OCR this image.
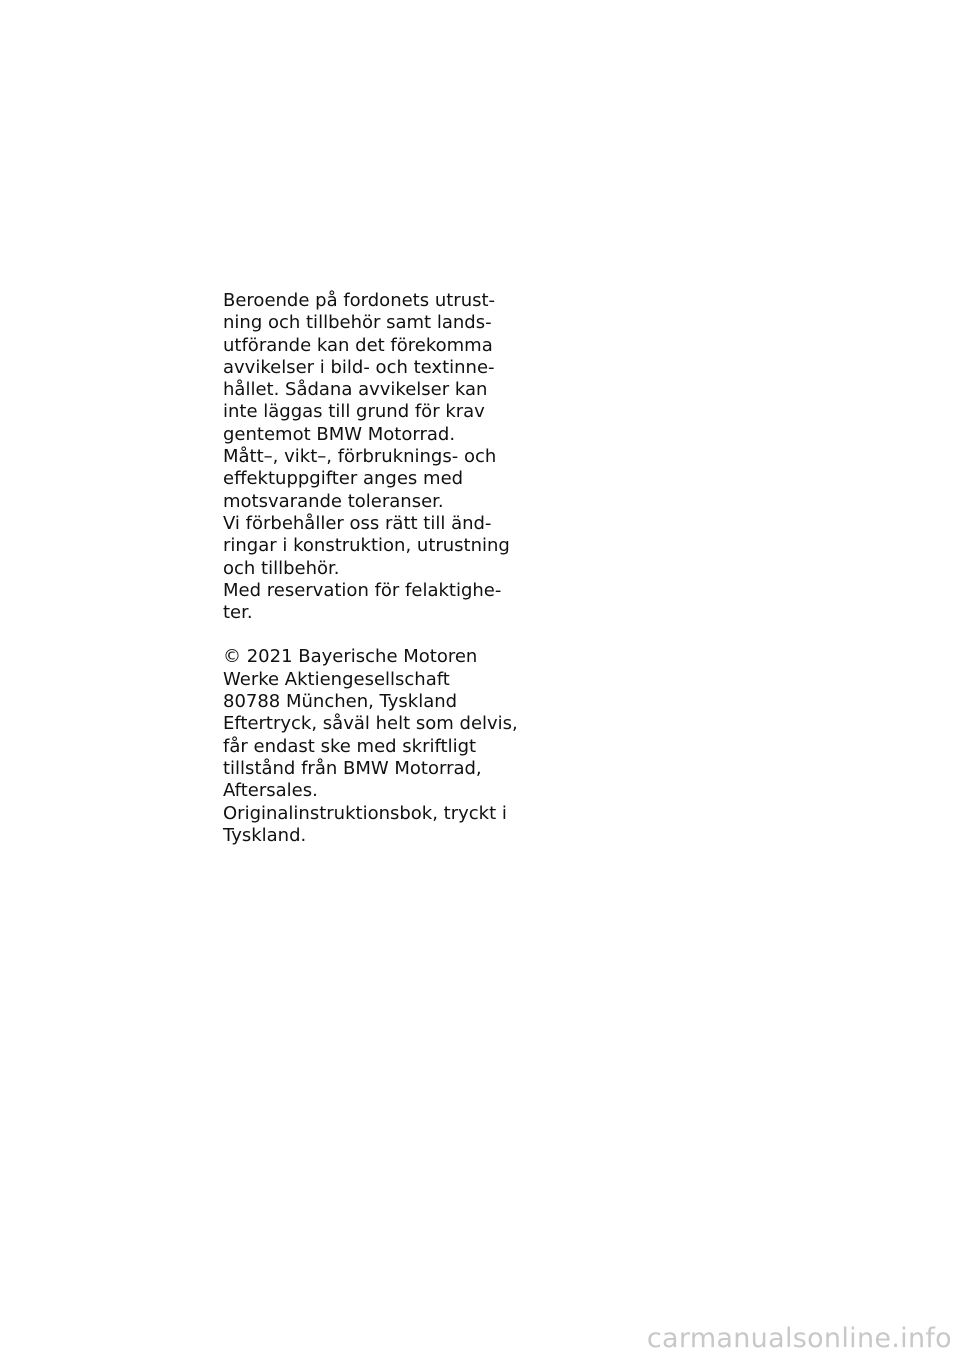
Beroende på fordonets utrust-
ning och tillbehör samt lands-
utförande kan det förekomma
avvikelser i bild- och textinne-
hållet. Sådana avvikelser kan
inte läggas till grund för krav
gentemot BMW Motorrad.
Mått–, vikt–, förbruknings- och
effektuppgifter anges med
motsvarande toleranser.
Vi förbehåller oss rätt till änd-
ringar i konstruktion, utrustning
och tillbehör.
Med reservation för felaktighe-
ter.
© 2021 Bayerische Motoren
Werke Aktiengesellschaft
80788 München, Tyskland
Eftertryck, såväl helt som delvis,
får endast ske med skriftligt
tillstånd från BMW Motorrad,
Aftersales.
Originalinstruktionsbok, tryckt i
Tyskland.
carmanualsonline.info
